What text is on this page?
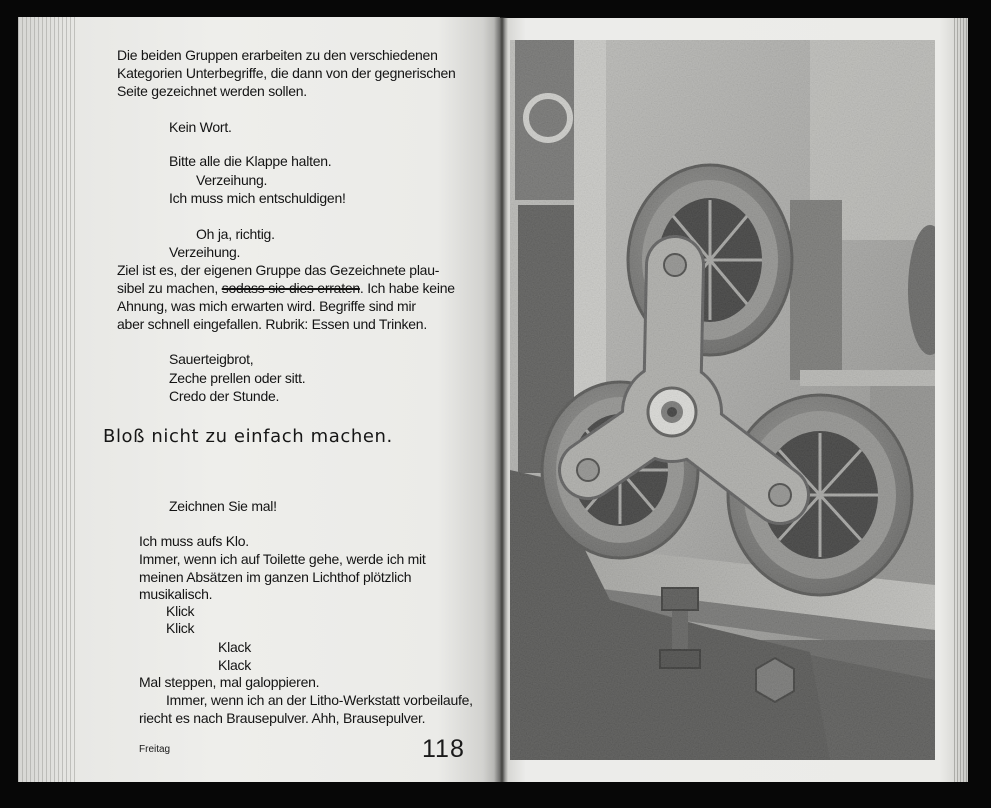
Die beiden Gruppen erarbeiten zu den verschiedenen
Kategorien Unterbegriffe, die dann von der gegnerischen
Seite gezeichnet werden sollen.
Kein Wort.
Bitte alle die Klappe halten.
Verzeihung.
Ich muss mich entschuldigen!
Oh ja, richtig.
Verzeihung.
Ziel ist es, der eigenen Gruppe das Gezeichnete plau-
sibel zu machen, sodass sie dies erraten. Ich habe keine
Ahnung, was mich erwarten wird. Begriffe sind mir
aber schnell eingefallen. Rubrik: Essen und Trinken.
Sauerteigbrot,
Zeche prellen oder sitt.
Credo der Stunde.
Bloß nicht zu einfach machen.
Zeichnen Sie mal!
Ich muss aufs Klo.
Immer, wenn ich auf Toilette gehe, werde ich mit
meinen Absätzen im ganzen Lichthof plötzlich
musikalisch.
Klick
Klick
Klack
Klack
Mal steppen, mal galoppieren.
Immer, wenn ich an der Litho-Werkstatt vorbeilaufe,
riecht es nach Brausepulver. Ahh, Brausepulver.
Freitag	118
